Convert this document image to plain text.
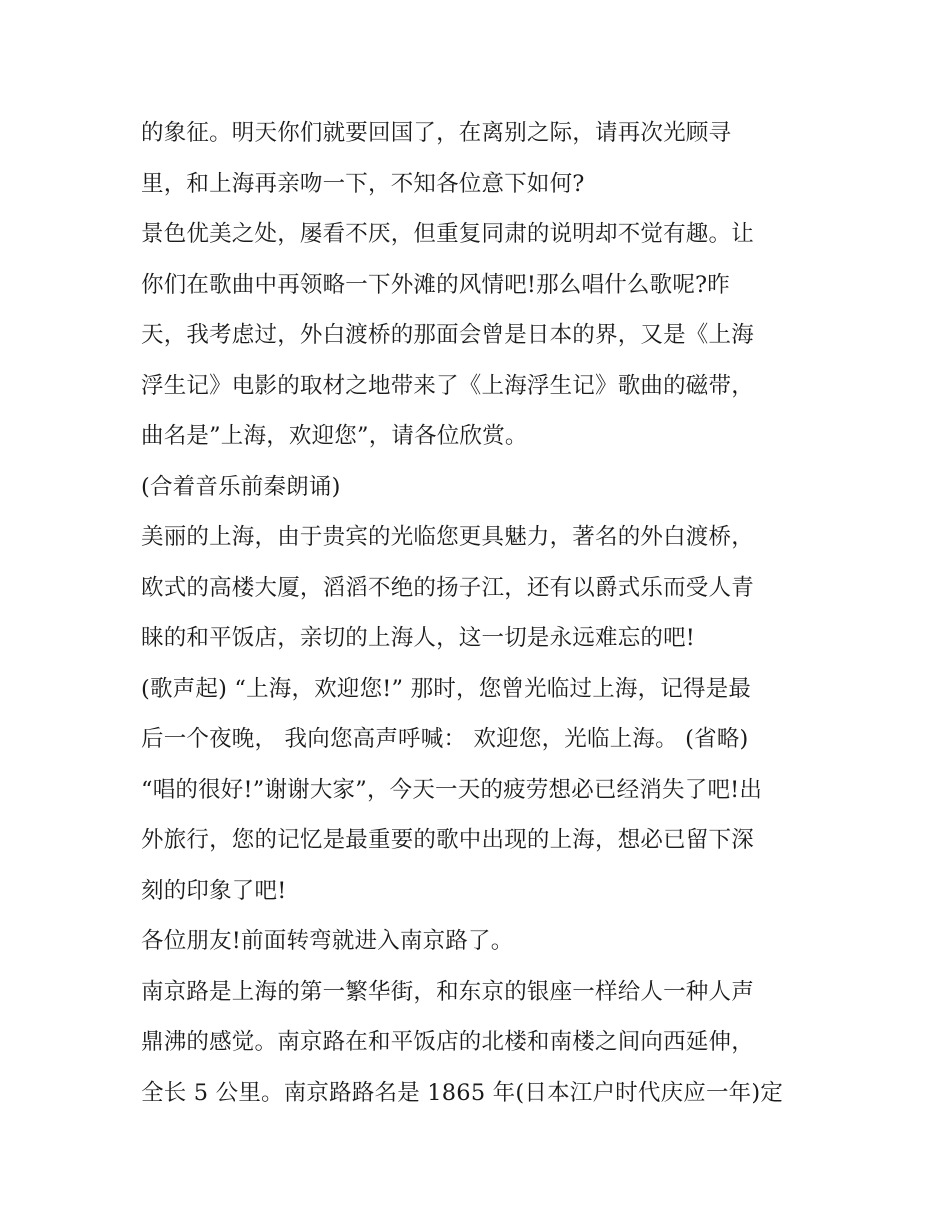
的象征。明天你们就要回国了，在离别之际，请再次光顾寻
里，和上海再亲吻一下，不知各位意下如何?
景色优美之处，屡看不厌，但重复同肃的说明却不觉有趣。让
你们在歌曲中再领略一下外滩的风情吧!那么唱什么歌呢?昨
天，我考虑过，外白渡桥的那面会曾是日本的界，又是《上海
浮生记》电影的取材之地带来了《上海浮生记》歌曲的磁带，
曲名是”上海，欢迎您”，请各位欣赏。
(合着音乐前秦朗诵)
美丽的上海，由于贵宾的光临您更具魅力，著名的外白渡桥，
欧式的高楼大厦，滔滔不绝的扬子江，还有以爵式乐而受人青
睐的和平饭店，亲切的上海人，这一切是永远难忘的吧!
(歌声起) “上海，欢迎您!” 那时，您曾光临过上海，记得是最
后一个夜晚， 我向您高声呼喊： 欢迎您，光临上海。 (省略)
“唱的很好!”谢谢大家”，今天一天的疲劳想必已经消失了吧!出
外旅行，您的记忆是最重要的歌中出现的上海，想必已留下深
刻的印象了吧!
各位朋友!前面转弯就进入南京路了。
南京路是上海的第一繁华街，和东京的银座一样给人一种人声
鼎沸的感觉。南京路在和平饭店的北楼和南楼之间向西延伸，
全长 5 公里。南京路路名是 1865 年(日本江户时代庆应一年)定
